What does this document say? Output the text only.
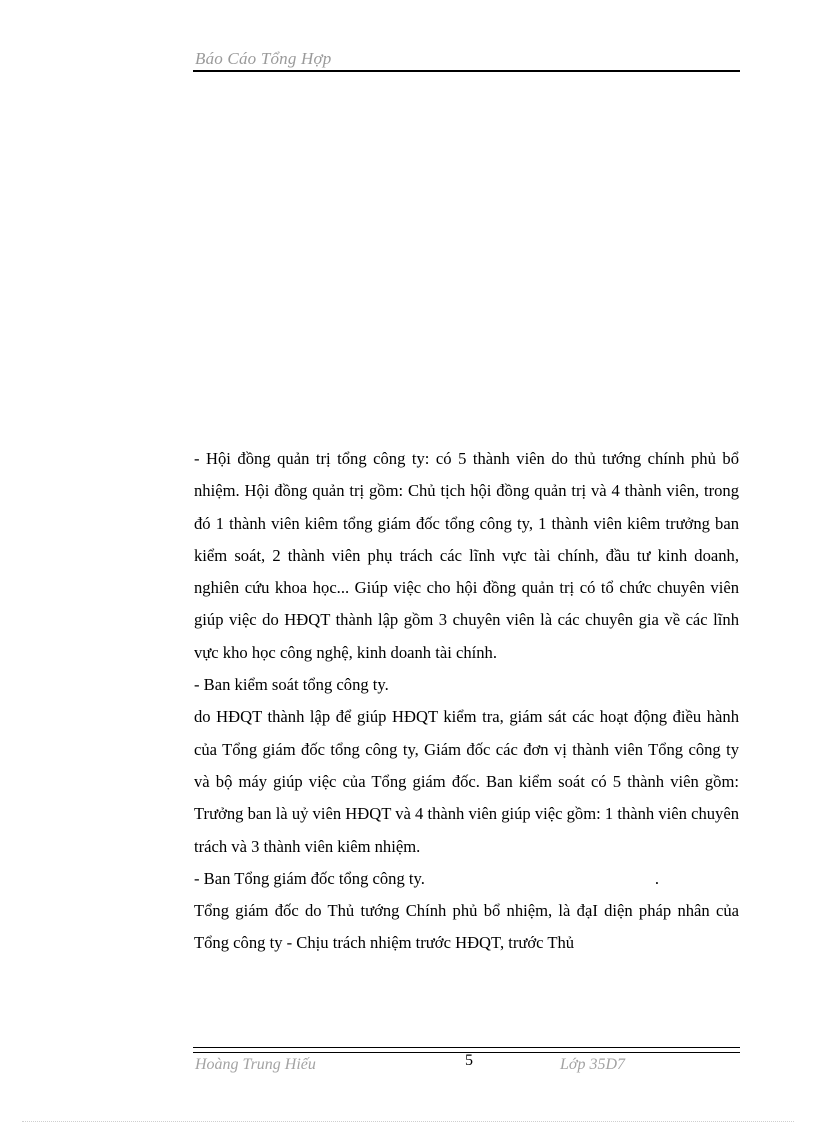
Báo Cáo Tổng Hợp

- Hội đồng quản trị tổng công ty: có 5 thành viên do thủ tướng chính phủ bổ nhiệm. Hội đồng quản trị gồm: Chủ tịch hội đồng quản trị và 4 thành viên, trong đó 1 thành viên kiêm tổng giám đốc tổng công ty, 1 thành viên kiêm trưởng ban kiểm soát, 2 thành viên phụ trách các lĩnh vực tài chính, đầu tư kinh doanh, nghiên cứu khoa học... Giúp việc cho hội đồng quản trị có tổ chức chuyên viên giúp việc do HĐQT thành lập gồm 3 chuyên viên là các chuyên gia về các lĩnh vực kho học công nghệ, kinh doanh tài chính.

- Ban kiểm soát tổng công ty.

do HĐQT thành lập để giúp HĐQT kiểm tra, giám sát các hoạt động điều hành của Tổng giám đốc tổng công ty, Giám đốc các đơn vị thành viên Tổng công ty và bộ máy giúp việc của Tổng giám đốc. Ban kiểm soát có 5 thành viên gồm: Trưởng ban là uỷ viên HĐQT và 4 thành viên giúp việc gồm: 1 thành viên chuyên trách và 3 thành viên kiêm nhiệm.

- Ban Tổng giám đốc tổng công ty.	.

Tổng giám đốc do Thủ tướng Chính phủ bổ nhiệm, là đạI diện pháp nhân của Tổng công ty - Chịu trách nhiệm trước HĐQT, trước Thủ

Hoàng Trung Hiếu	5	Lớp 35D7
